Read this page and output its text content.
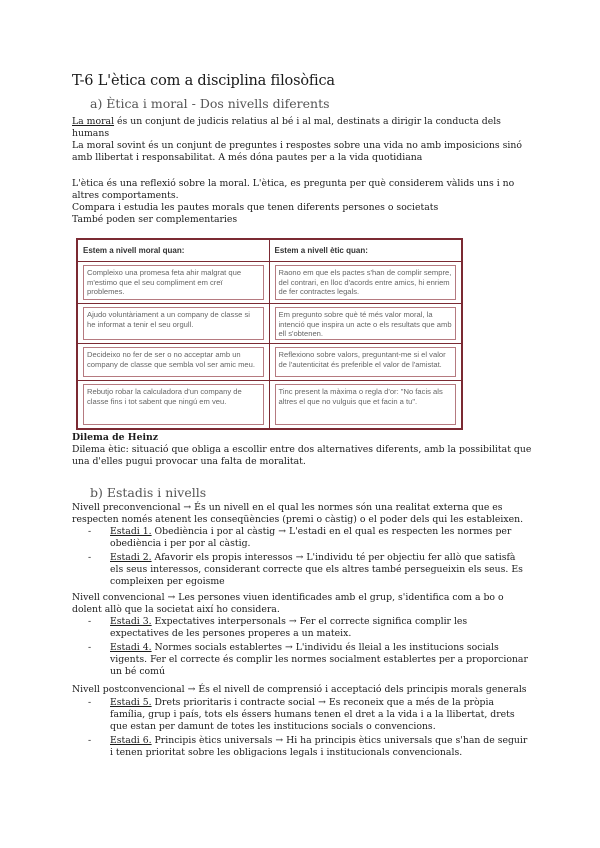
T-6 L'ètica com a disciplina filosòfica
a) Ètica i moral - Dos nivells diferents
La moral és un conjunt de judicis relatius al bé i al mal, destinats a dirigir la conducta dels humans
La moral sovint és un conjunt de preguntes i respostes sobre una vida no amb imposicions sinó amb llibertat i responsabilitat. A més dóna pautes per a la vida quotidiana
L'ètica és una reflexió sobre la moral. L'ètica, es pregunta per què considerem vàlids uns i no altres comportaments.
Compara i estudia les pautes morals que tenen diferents persones o societats
També poden ser complementaries
Estem a nivell moral quan:	Estem a nivell ètic quan:
Compleixo una promesa feta ahir malgrat que m'estimo que el seu compliment em creï problemes.
Raono em que els pactes s'han de complir sempre, del contrari, en lloc d'acords entre amics, hi enriem de fer contractes legals.
Ajudo voluntàriament a un company de classe si he informat a tenir el seu orgull.
Em pregunto sobre què té més valor moral, la intenció que inspira un acte o els resultats que amb ell s'obtenen.
Decideixo no fer de ser o no acceptar amb un company de classe que sembla vol ser amic meu.
Reflexiono sobre valors, preguntant-me si el valor de l'autenticitat és preferible el valor de l'amistat.
Rebutjo robar la calculadora d'un company de classe fins i tot sabent que ningú em veu.
Tinc present la màxima o regla d'or: "No facis als altres el que no vulguis que et facin a tu".
Dilema de Heinz
Dilema ètic: situació que obliga a escollir entre dos alternatives diferents, amb la possibilitat que una d'elles pugui provocar una falta de moralitat.
b) Estadis i nivells
Nivell preconvencional → És un nivell en el qual les normes són una realitat externa que es respecten només atenent les conseqüències (premi o càstig) o el poder dels qui les estableixen.
- Estadi 1. Obediència i por al càstig → L'estadi en el qual es respecten les normes per obediència i per por al càstig.
- Estadi 2. Afavorir els propis interessos → L'individu té per objectiu fer allò que satisfà els seus interessos, considerant correcte que els altres també persegueixin els seus. Es compleixen per egoisme
Nivell convencional → Les persones viuen identificades amb el grup, s'identifica com a bo o dolent allò que la societat així ho considera.
- Estadi 3. Expectatives interpersonals → Fer el correcte significa complir les expectatives de les persones properes a un mateix.
- Estadi 4. Normes socials establertes → L'individu és lleial a les institucions socials vigents. Fer el correcte és complir les normes socialment establertes per a proporcionar un bé comú
Nivell postconvencional → És el nivell de comprensió i acceptació dels principis morals generals
- Estadi 5. Drets prioritaris i contracte social → Es reconeix que a més de la pròpia família, grup i país, tots els éssers humans tenen el dret a la vida i a la llibertat, drets que estan per damunt de totes les institucions socials o convencions.
- Estadi 6. Principis ètics universals → Hi ha principis ètics universals que s'han de seguir i tenen prioritat sobre les obligacions legals i institucionals convencionals.
